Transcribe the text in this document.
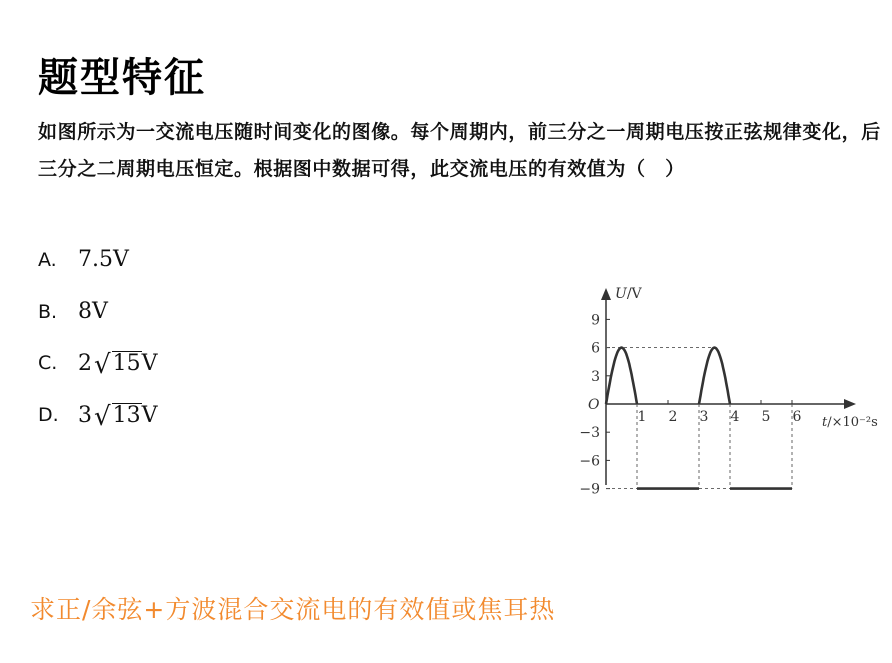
题型特征
如图所示为一交流电压随时间变化的图像。每个周期内，前三分之一周期电压按正弦规律变化，后三分之二周期电压恒定。根据图中数据可得，此交流电压的有效值为（　）
A. 7.5V
B. 8V
C. 2 √ 15 V
D. 3 √ 13 V
U/V
t/×10⁻²s
O
9
6
3
−3
−6
−9
1 2 3 4 5 6
求正/余弦+方波混合交流电的有效值或焦耳热
